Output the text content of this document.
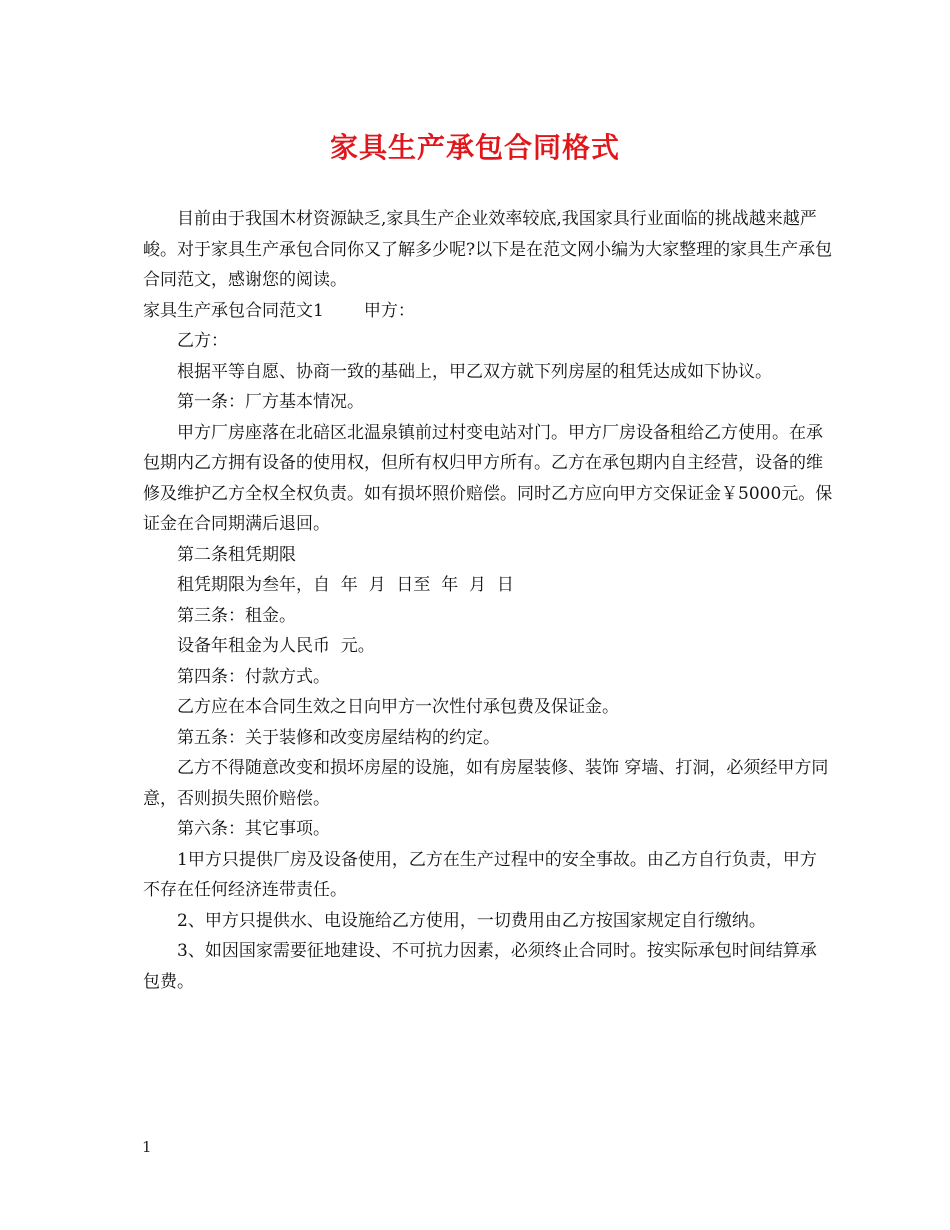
家具生产承包合同格式

目前由于我国木材资源缺乏,家具生产企业效率较底,我国家具行业面临的挑战越来越严峻。对于家具生产承包合同你又了解多少呢?以下是在范文网小编为大家整理的家具生产承包合同范文，感谢您的阅读。

家具生产承包合同范文1 甲方：

乙方：

根据平等自愿、协商一致的基础上，甲乙双方就下列房屋的租凭达成如下协议。

第一条：厂方基本情况。

甲方厂房座落在北碚区北温泉镇前过村变电站对门。甲方厂房设备租给乙方使用。在承包期内乙方拥有设备的使用权，但所有权归甲方所有。乙方在承包期内自主经营，设备的维修及维护乙方全权全权负责。如有损坏照价赔偿。同时乙方应向甲方交保证金￥5000元。保证金在合同期满后退回。

第二条租凭期限

租凭期限为叁年，自  年  月  日至  年  月  日

第三条：租金。

设备年租金为人民币  元。

第四条：付款方式。

乙方应在本合同生效之日向甲方一次性付承包费及保证金。

第五条：关于装修和改变房屋结构的约定。

乙方不得随意改变和损坏房屋的设施，如有房屋装修、装饰 穿墙、打洞，必须经甲方同意，否则损失照价赔偿。

第六条：其它事项。

1甲方只提供厂房及设备使用，乙方在生产过程中的安全事故。由乙方自行负责，甲方不存在任何经济连带责任。

2、甲方只提供水、电设施给乙方使用，一切费用由乙方按国家规定自行缴纳。

3、如因国家需要征地建设、不可抗力因素，必须终止合同时。按实际承包时间结算承包费。

1
